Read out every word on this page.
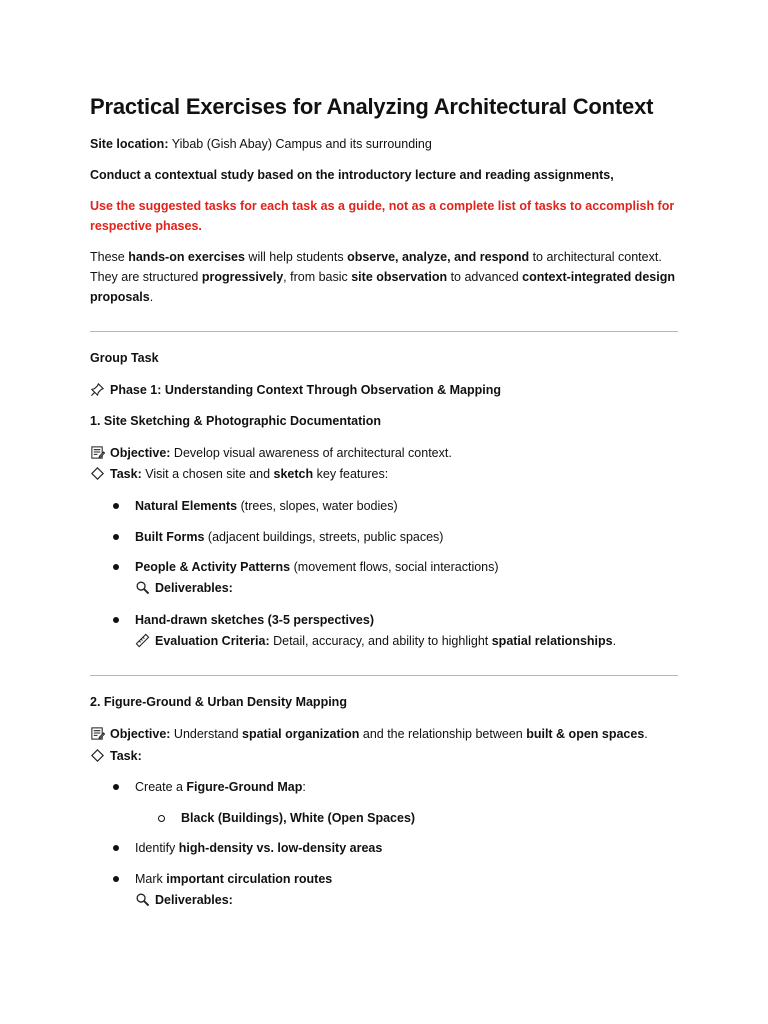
Practical Exercises for Analyzing Architectural Context
Site location: Yibab (Gish Abay) Campus and its surrounding
Conduct a contextual study based on the introductory lecture and reading assignments,
Use the suggested tasks for each task as a guide, not as a complete list of tasks to accomplish for
respective phases.
These hands-on exercises will help students observe, analyze, and respond to architectural context.
They are structured progressively, from basic site observation to advanced context-integrated design
proposals.
Group Task
Phase 1: Understanding Context Through Observation & Mapping
1. Site Sketching & Photographic Documentation
Objective: Develop visual awareness of architectural context.
Task: Visit a chosen site and sketch key features:
Natural Elements (trees, slopes, water bodies)
Built Forms (adjacent buildings, streets, public spaces)
People & Activity Patterns (movement flows, social interactions)
Deliverables:
Hand-drawn sketches (3-5 perspectives)
Evaluation Criteria: Detail, accuracy, and ability to highlight spatial relationships.
2. Figure-Ground & Urban Density Mapping
Objective: Understand spatial organization and the relationship between built & open spaces.
Task:
Create a Figure-Ground Map:
Black (Buildings), White (Open Spaces)
Identify high-density vs. low-density areas
Mark important circulation routes
Deliverables:
